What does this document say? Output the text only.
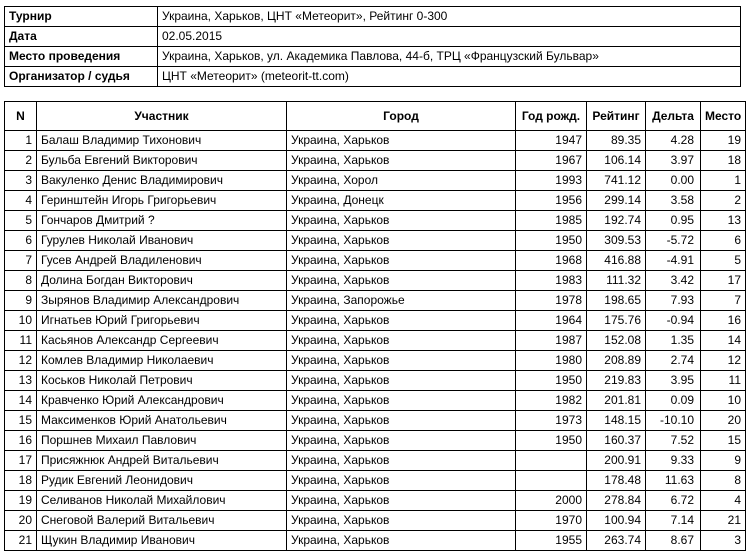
Турнир	Украина, Харьков, ЦНТ «Метеорит», Рейтинг 0-300
Дата	02.05.2015
Место проведения	Украина, Харьков, ул. Академика Павлова, 44-б, ТРЦ «Французский Бульвар»
Организатор / судья	ЦНТ «Метеорит» (meteorit-tt.com)
N	Участник	Город	Год рожд.	Рейтинг	Дельта	Место
1	Балаш Владимир Тихонович	Украина, Харьков	1947	89.35	4.28	19
2	Бульба Евгений Викторович	Украина, Харьков	1967	106.14	3.97	18
3	Вакуленко Денис Владимирович	Украина, Хорол	1993	741.12	0.00	1
4	Геринштейн Игорь Григорьевич	Украина, Донецк	1956	299.14	3.58	2
5	Гончаров Дмитрий ?	Украина, Харьков	1985	192.74	0.95	13
6	Гурулев Николай Иванович	Украина, Харьков	1950	309.53	-5.72	6
7	Гусев Андрей Владиленович	Украина, Харьков	1968	416.88	-4.91	5
8	Долина Богдан Викторович	Украина, Харьков	1983	111.32	3.42	17
9	Зырянов Владимир Александрович	Украина, Запорожье	1978	198.65	7.93	7
10	Игнатьев Юрий Григорьевич	Украина, Харьков	1964	175.76	-0.94	16
11	Касьянов Александр Сергеевич	Украина, Харьков	1987	152.08	1.35	14
12	Комлев Владимир Николаевич	Украина, Харьков	1980	208.89	2.74	12
13	Коськов Николай Петрович	Украина, Харьков	1950	219.83	3.95	11
14	Кравченко Юрий Александрович	Украина, Харьков	1982	201.81	0.09	10
15	Максименков Юрий Анатольевич	Украина, Харьков	1973	148.15	-10.10	20
16	Поршнев Михаил Павлович	Украина, Харьков	1950	160.37	7.52	15
17	Присяжнюк Андрей Витальевич	Украина, Харьков		200.91	9.33	9
18	Рудик Евгений Леонидович	Украина, Харьков		178.48	11.63	8
19	Селиванов Николай Михайлович	Украина, Харьков	2000	278.84	6.72	4
20	Снеговой Валерий Витальевич	Украина, Харьков	1970	100.94	7.14	21
21	Щукин Владимир Иванович	Украина, Харьков	1955	263.74	8.67	3
